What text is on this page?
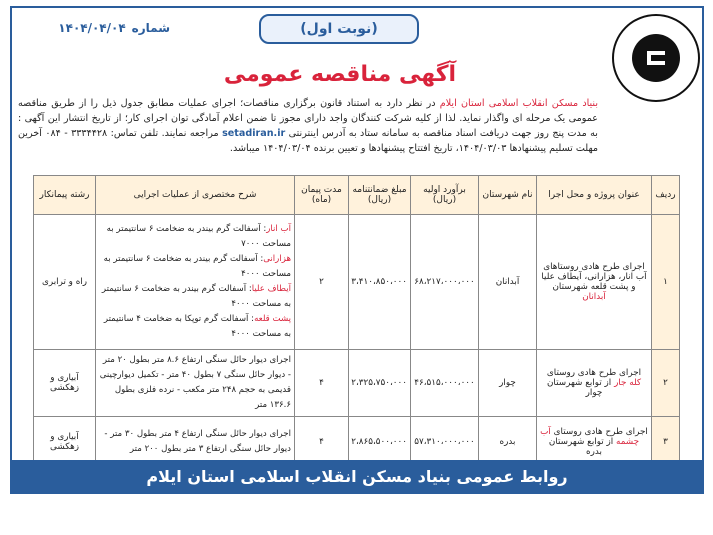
(نوبت اول)
شماره
۱۴۰۴/۰۴/۰۴
آگهی مناقصه عمومی
بنیاد مسکن انقلاب اسلامی استان ایلام در نظر دارد به استناد قانون برگزاری مناقصات؛ اجرای عملیات مطابق جدول ذیل را از طریق مناقصه عمومی یک مرحله ای واگذار نماید. لذا از کلیه شرکت کنندگان واجد دارای مجوز تا ضمن اعلام آمادگی توان اجرای کار؛ از تاریخ انتشار این آگهی : به مدت پنج روز جهت دریافت اسناد مناقصه به سامانه ستاد به آدرس اینترنتی setadiran.ir مراجعه نمایند. تلفن تماس: ۳۳۳۴۴۲۸ - ۰۸۴ آخرین مهلت تسلیم پیشنهادها ۱۴۰۴/۰۳/۰۳، تاریخ افتتاح پیشنهادها و تعیین برنده ۱۴۰۴/۰۳/۰۴ میباشد.
ردیف	عنوان پروژه و محل اجرا	نام شهرستان	برآورد اولیه (ریال)	مبلغ ضمانتنامه (ریال)	مدت پیمان (ماه)	شرح مختصری از عملیات اجرایی	رشته پیمانکار
۱	اجرای طرح هادی روستاهای آب انار، هزارانی، آیطاف علیا و پشت قلعه شهرستان آبدانان	آبدانان	۶۸،۲۱۷،۰۰۰،۰۰۰	۳،۴۱۰،۸۵۰،۰۰۰	۲	آب انار: آسفالت گرم بیندر به ضخامت ۶ سانتیمتر به مساحت ۷۰۰۰
هزارانی: آسفالت گرم بیندر به ضخامت ۶ سانتیمتر به مساحت ۴۰۰۰
آیطاف علیا: آسفالت گرم بیندر به ضخامت ۶ سانتیمتر به مساحت ۴۰۰۰
پشت قلعه: آسفالت گرم توپکا به ضخامت ۴ سانتیمتر به مساحت ۴۰۰۰	راه و ترابری
۲	اجرای طرح هادی روستای کله جار از توابع شهرستان چوار	چوار	۴۶،۵۱۵،۰۰۰،۰۰۰	۲،۳۲۵،۷۵۰،۰۰۰	۴	اجرای دیوار حائل سنگی ارتفاع ۸.۶ متر بطول ۲۰ متر - دیوار حائل سنگی ۷ بطول ۴۰ متر - تکمیل دیوارچینی قدیمی به حجم ۲۴۸ متر مکعب - نرده فلزی بطول ۱۳۶.۶ متر	آبیاری و زهکشی
۳	اجرای طرح هادی روستای آب چشمه از توابع شهرستان بدره	بدره	۵۷،۳۱۰،۰۰۰،۰۰۰	۲،۸۶۵،۵۰۰،۰۰۰	۴	اجرای دیوار حائل سنگی ارتفاع ۴ متر بطول ۳۰ متر - دیوار حائل سنگی ارتفاع ۳ متر بطول ۲۰۰ متر	آبیاری و زهکشی
روابط عمومی بنیاد مسکن انقلاب اسلامی استان ایلام
